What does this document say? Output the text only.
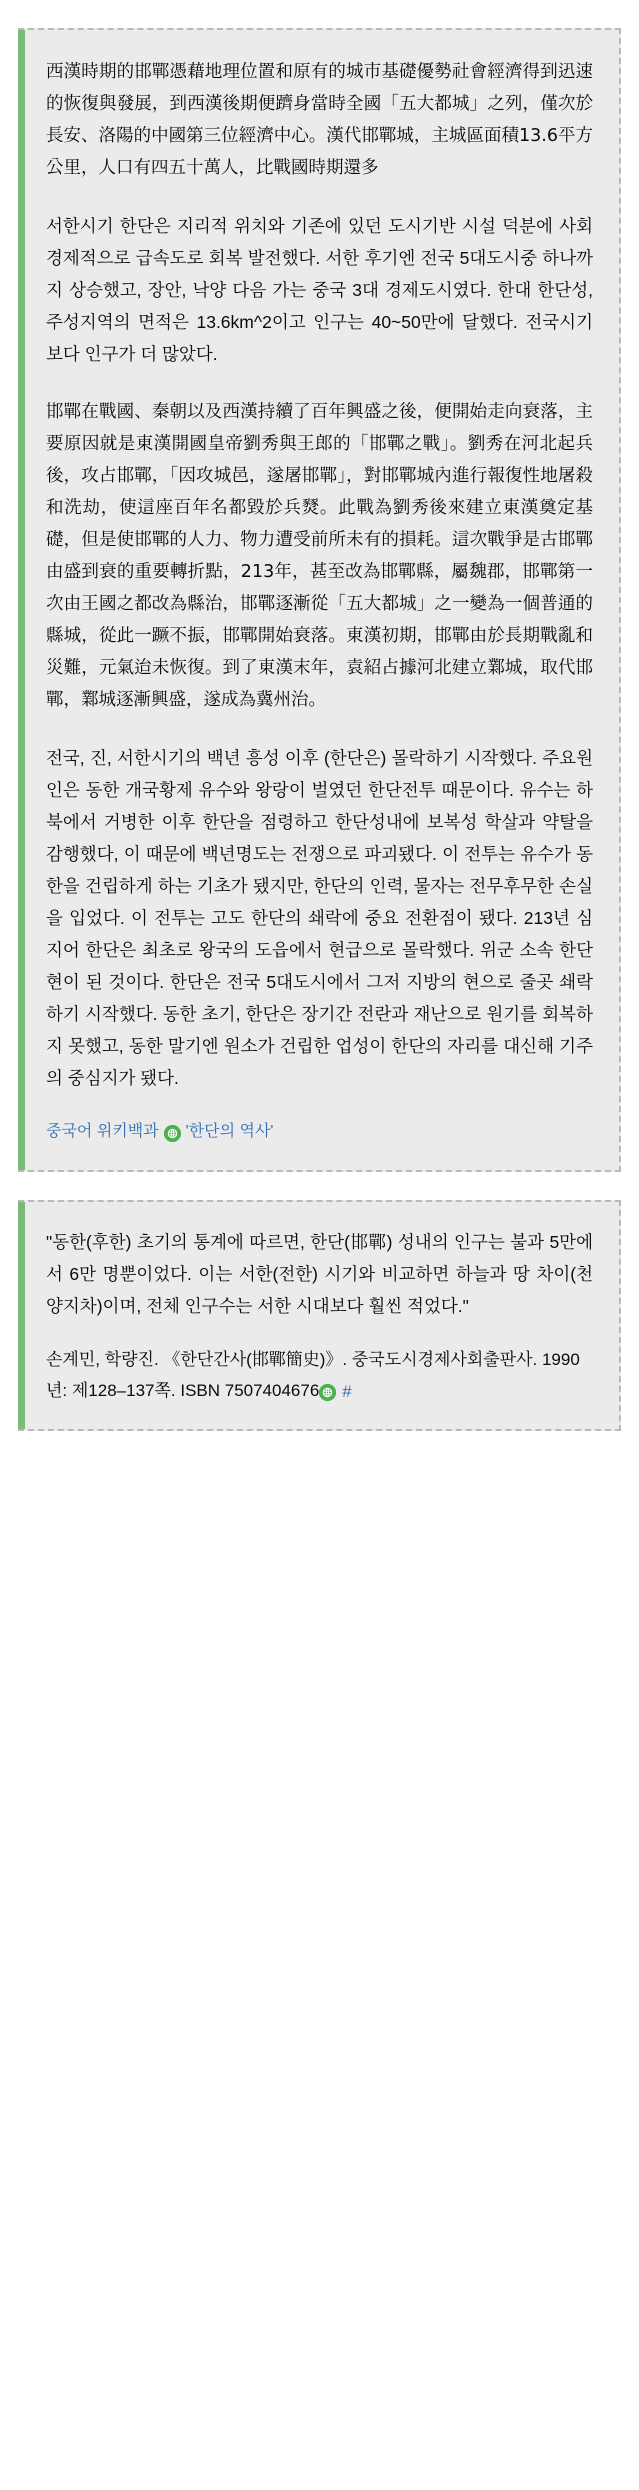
西漢時期的邯鄲憑藉地理位置和原有的城市基礎優勢社會經濟得到迅速的恢復與發展，到西漢後期便躋身當時全國「五大都城」之列，僅次於長安、洛陽的中國第三位經濟中心。漢代邯鄲城，主城區面積13.6平方公里，人口有四五十萬人，比戰國時期還多

서한시기 한단은 지리적 위치와 기존에 있던 도시기반 시설 덕분에 사회경제적으로 급속도로 회복 발전했다. 서한 후기엔 전국 5대도시중 하나까지 상승했고, 장안, 낙양 다음 가는 중국 3대 경제도시였다. 한대 한단성, 주성지역의 면적은 13.6km^2이고 인구는 40~50만에 달했다. 전국시기보다 인구가 더 많았다.

邯鄲在戰國、秦朝以及西漢持續了百年興盛之後，便開始走向衰落，主要原因就是東漢開國皇帝劉秀與王郎的「邯鄲之戰」。劉秀在河北起兵後，攻占邯鄲，「因攻城邑，遂屠邯鄲」，對邯鄲城內進行報復性地屠殺和洗劫，使這座百年名都毀於兵燹。此戰為劉秀後來建立東漢奠定基礎，但是使邯鄲的人力、物力遭受前所未有的損耗。這次戰爭是古邯鄲由盛到衰的重要轉折點，213年，甚至改為邯鄲縣，屬魏郡，邯鄲第一次由王國之都改為縣治，邯鄲逐漸從「五大都城」之一變為一個普通的縣城，從此一蹶不振，邯鄲開始衰落。東漢初期，邯鄲由於長期戰亂和災難，元氣迨未恢復。到了東漢末年，袁紹占據河北建立鄴城，取代邯鄲，鄴城逐漸興盛，遂成為冀州治。

전국, 진, 서한시기의 백년 흥성 이후 (한단은) 몰락하기 시작했다. 주요원인은 동한 개국황제 유수와 왕랑이 벌였던 한단전투 때문이다. 유수는 하북에서 거병한 이후 한단을 점령하고 한단성내에 보복성 학살과 약탈을 감행했다, 이 때문에 백년명도는 전쟁으로 파괴됐다. 이 전투는 유수가 동한을 건립하게 하는 기초가 됐지만, 한단의 인력, 물자는 전무후무한 손실을 입었다. 이 전투는 고도 한단의 쇄락에 중요 전환점이 됐다. 213년 심지어 한단은 최초로 왕국의 도읍에서 현급으로 몰락했다. 위군 소속 한단현이 된 것이다. 한단은 전국 5대도시에서 그저 지방의 현으로 줄곳 쇄락하기 시작했다. 동한 초기, 한단은 장기간 전란과 재난으로 원기를 회복하지 못했고, 동한 말기엔 원소가 건립한 업성이 한단의 자리를 대신해 기주의 중심지가 됐다.

중국어 위키백과 '한단의 역사'

"동한(후한) 초기의 통계에 따르면, 한단(邯鄲) 성내의 인구는 불과 5만에서 6만 명뿐이었다. 이는 서한(전한) 시기와 비교하면 하늘과 땅 차이(천양지차)이며, 전체 인구수는 서한 시대보다 훨씬 적었다."

손계민, 학량진. 《한단간사(邯鄲簡史)》. 중국도시경제사회출판사. 1990년: 제128–137쪽. ISBN 7507404676 #
